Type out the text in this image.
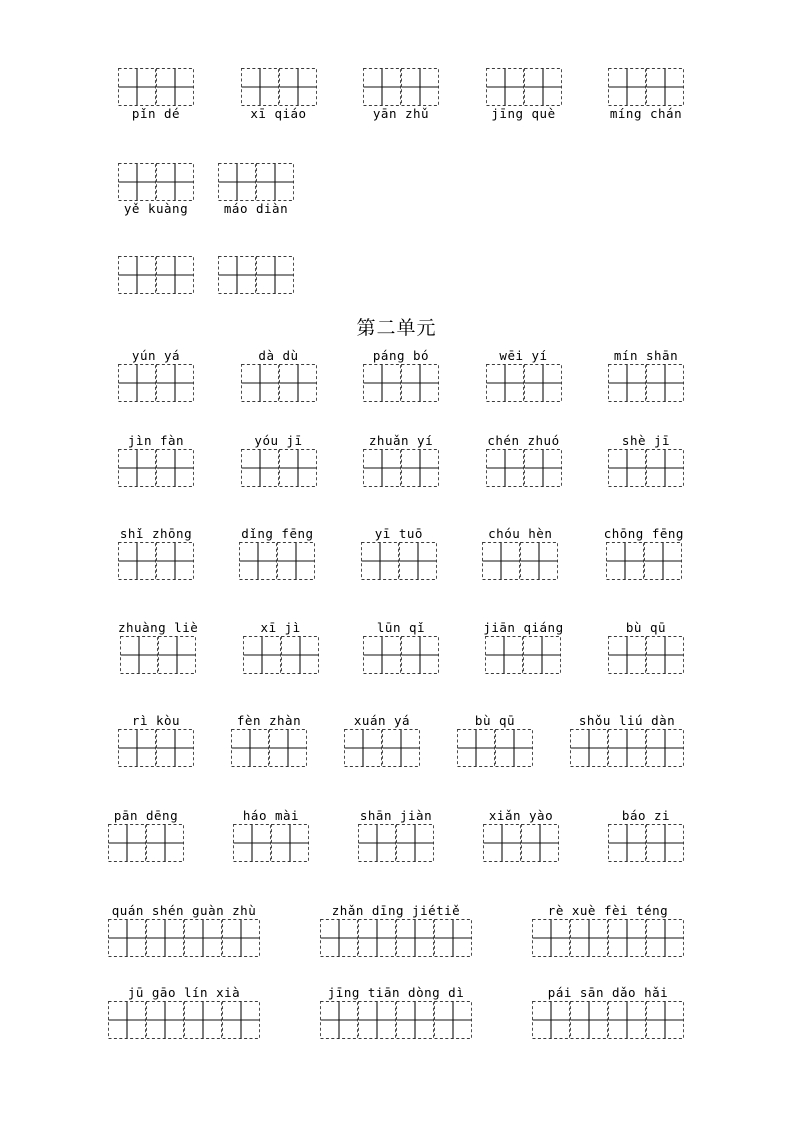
pǐn dé	xī qiáo	yān zhǔ	jīng què	míng chán
yě kuàng	máo diàn
第二单元
yún yá	dà dù	páng bó	wēi yí	mín shān
jìn fàn	yóu jī	zhuǎn yí	chén zhuó	shè jī
shǐ zhōng	dǐng fēng	yī tuō	chóu hèn	chōng fēng
zhuàng liè	xī jì	lūn qǐ	jiān qiáng	bù qū
rì kòu	fèn zhàn	xuán yá	bù qū	shǒu liú dàn
pān dēng	háo mài	shān jiàn	xiǎn yào	báo zi
quán shén guàn zhù	zhǎn dīng jiétiě	rè xuè fèi téng
jū gāo lín xià	jīng tiān dòng dì	pái sān dǎo hǎi
